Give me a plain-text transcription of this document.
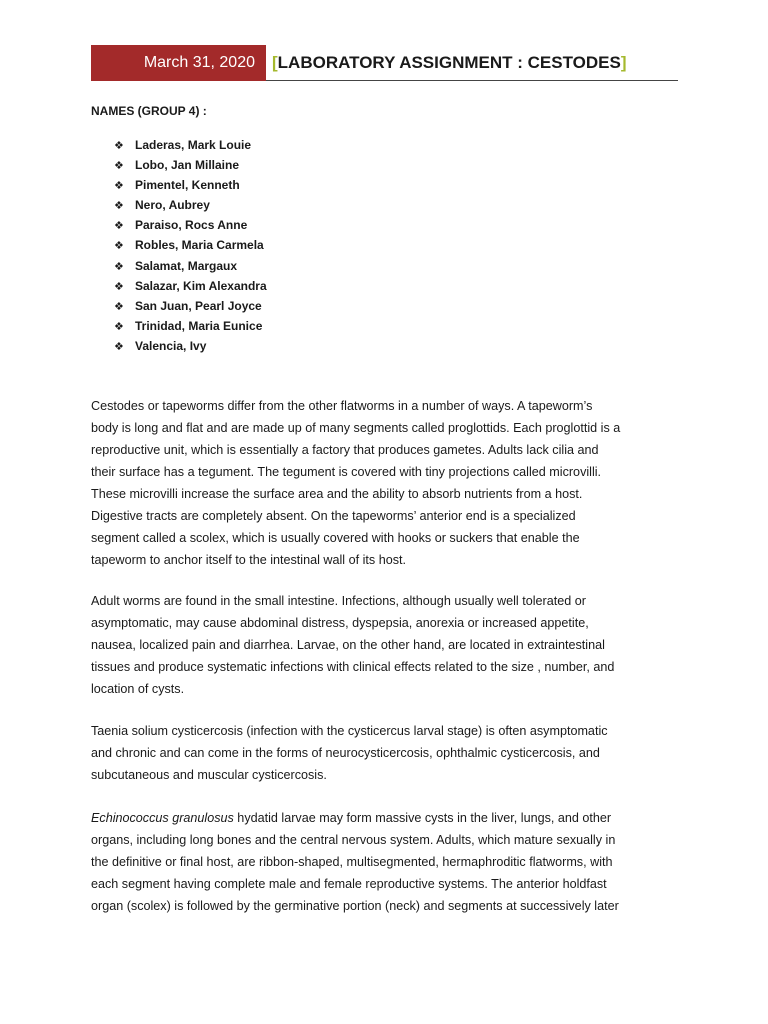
March 31, 2020	[LABORATORY ASSIGNMENT : CESTODES]
NAMES (GROUP 4) :
❖ Laderas, Mark Louie
❖ Lobo, Jan Millaine
❖ Pimentel, Kenneth
❖ Nero, Aubrey
❖ Paraiso, Rocs Anne
❖ Robles, Maria Carmela
❖ Salamat, Margaux
❖ Salazar, Kim Alexandra
❖ San Juan, Pearl Joyce
❖ Trinidad, Maria Eunice
❖ Valencia, Ivy

Cestodes or tapeworms differ from the other flatworms in a number of ways. A tapeworm’s
body is long and flat and are made up of many segments called proglottids. Each proglottid is a
reproductive unit, which is essentially a factory that produces gametes. Adults lack cilia and
their surface has a tegument. The tegument is covered with tiny projections called microvilli.
These microvilli increase the surface area and the ability to absorb nutrients from a host.
Digestive tracts are completely absent. On the tapeworms’ anterior end is a specialized
segment called a scolex, which is usually covered with hooks or suckers that enable the
tapeworm to anchor itself to the intestinal wall of its host.

Adult worms are found in the small intestine. Infections, although usually well tolerated or
asymptomatic, may cause abdominal distress, dyspepsia, anorexia or increased appetite,
nausea, localized pain and diarrhea. Larvae, on the other hand, are located in extraintestinal
tissues and produce systematic infections with clinical effects related to the size , number, and
location of cysts.

Taenia solium cysticercosis (infection with the cysticercus larval stage) is often asymptomatic
and chronic and can come in the forms of neurocysticercosis, ophthalmic cysticercosis, and
subcutaneous and muscular cysticercosis.

Echinococcus granulosus hydatid larvae may form massive cysts in the liver, lungs, and other
organs, including long bones and the central nervous system. Adults, which mature sexually in
the definitive or final host, are ribbon-shaped, multisegmented, hermaphroditic flatworms, with
each segment having complete male and female reproductive systems. The anterior holdfast
organ (scolex) is followed by the germinative portion (neck) and segments at successively later
